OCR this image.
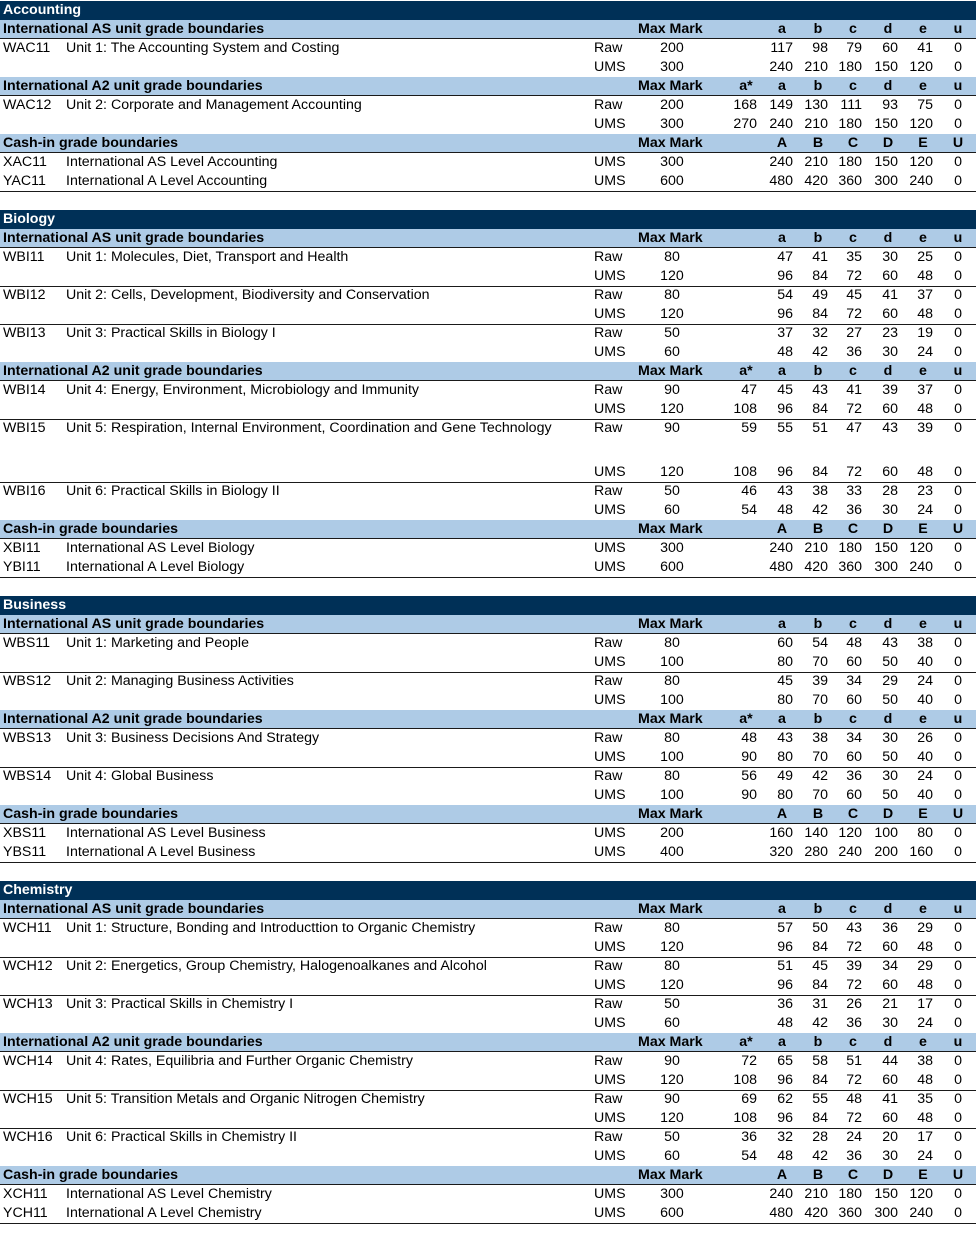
Accounting
International AS unit grade boundaries	Max Mark	a	b	c	d	e	u
WAC11 Unit 1: The Accounting System and Costing	Raw	200	117 98 79 60 41 0
UMS	300	240 210 180 150 120 0
International A2 unit grade boundaries	Max Mark	a*	a	b	c	d	e	u
WAC12 Unit 2: Corporate and Management Accounting	Raw	200	168 149 130 111 93 75 0
UMS	300	270 240 210 180 150 120 0
Cash-in grade boundaries	Max Mark	A	B	C	D	E	U
XAC11 International AS Level Accounting	UMS	300	240 210 180 150 120 0
YAC11 International A Level Accounting	UMS	600	480 420 360 300 240 0
Biology
International AS unit grade boundaries	Max Mark	a	b	c	d	e	u
WBI11 Unit 1: Molecules, Diet, Transport and Health	Raw	80	47 41 35 30 25 0
UMS	120	96 84 72 60 48 0
WBI12 Unit 2: Cells, Development, Biodiversity and Conservation	Raw	80	54 49 45 41 37 0
UMS	120	96 84 72 60 48 0
WBI13 Unit 3: Practical Skills in Biology I	Raw	50	37 32 27 23 19 0
UMS	60	48 42 36 30 24 0
International A2 unit grade boundaries	Max Mark	a*	a	b	c	d	e	u
WBI14 Unit 4: Energy, Environment, Microbiology and Immunity	Raw	90	47 45 43 41 39 37 0
UMS	120	108 96 84 72 60 48 0
WBI15 Unit 5: Respiration, Internal Environment, Coordination and Gene Technology	Raw	90	59 55 51 47 43 39 0
UMS	120	108 96 84 72 60 48 0
WBI16 Unit 6: Practical Skills in Biology II	Raw	50	46 43 38 33 28 23 0
UMS	60	54 48 42 36 30 24 0
Cash-in grade boundaries	Max Mark	A	B	C	D	E	U
XBI11 International AS Level Biology	UMS	300	240 210 180 150 120 0
YBI11 International A Level Biology	UMS	600	480 420 360 300 240 0
Business
International AS unit grade boundaries	Max Mark	a	b	c	d	e	u
WBS11 Unit 1: Marketing and People	Raw	80	60 54 48 43 38 0
UMS	100	80 70 60 50 40 0
WBS12 Unit 2: Managing Business Activities	Raw	80	45 39 34 29 24 0
UMS	100	80 70 60 50 40 0
International A2 unit grade boundaries	Max Mark	a*	a	b	c	d	e	u
WBS13 Unit 3: Business Decisions And Strategy	Raw	80	48 43 38 34 30 26 0
UMS	100	90 80 70 60 50 40 0
WBS14 Unit 4: Global Business	Raw	80	56 49 42 36 30 24 0
UMS	100	90 80 70 60 50 40 0
Cash-in grade boundaries	Max Mark	A	B	C	D	E	U
XBS11 International AS Level Business	UMS	200	160 140 120 100 80 0
YBS11 International A Level Business	UMS	400	320 280 240 200 160 0
Chemistry
International AS unit grade boundaries	Max Mark	a	b	c	d	e	u
WCH11 Unit 1: Structure, Bonding and Introducttion to Organic Chemistry	Raw	80	57 50 43 36 29 0
UMS	120	96 84 72 60 48 0
WCH12 Unit 2: Energetics, Group Chemistry, Halogenoalkanes and Alcohol	Raw	80	51 45 39 34 29 0
UMS	120	96 84 72 60 48 0
WCH13 Unit 3: Practical Skills in Chemistry I	Raw	50	36 31 26 21 17 0
UMS	60	48 42 36 30 24 0
International A2 unit grade boundaries	Max Mark	a*	a	b	c	d	e	u
WCH14 Unit 4: Rates, Equilibria and Further Organic Chemistry	Raw	90	72 65 58 51 44 38 0
UMS	120	108 96 84 72 60 48 0
WCH15 Unit 5: Transition Metals and Organic Nitrogen Chemistry	Raw	90	69 62 55 48 41 35 0
UMS	120	108 96 84 72 60 48 0
WCH16 Unit 6: Practical Skills in Chemistry II	Raw	50	36 32 28 24 20 17 0
UMS	60	54 48 42 36 30 24 0
Cash-in grade boundaries	Max Mark	A	B	C	D	E	U
XCH11 International AS Level Chemistry	UMS	300	240 210 180 150 120 0
YCH11 International A Level Chemistry	UMS	600	480 420 360 300 240 0
